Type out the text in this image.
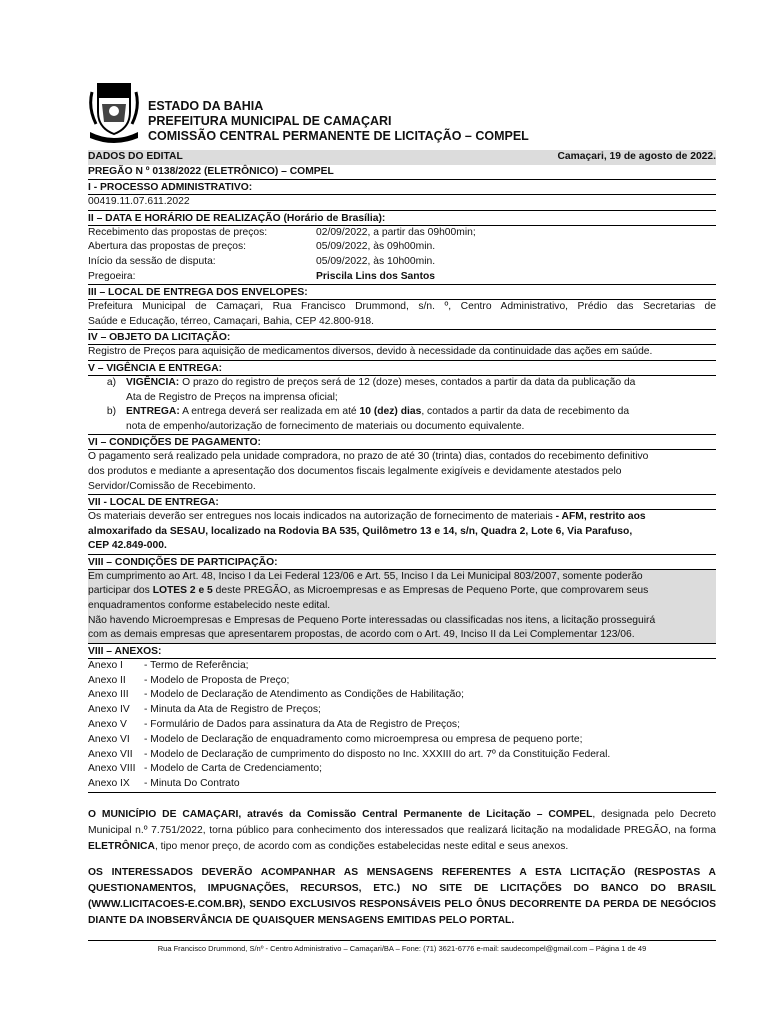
ESTADO DA BAHIA
PREFEITURA MUNICIPAL DE CAMAÇARI
COMISSÃO CENTRAL PERMANENTE DE LICITAÇÃO – COMPEL
DADOS DO EDITAL	Camaçari, 19 de agosto de 2022.
PREGÃO N º 0138/2022 (ELETRÔNICO) – COMPEL
I - PROCESSO ADMINISTRATIVO:
00419.11.07.611.2022
II – DATA E HORÁRIO DE REALIZAÇÃO (Horário de Brasília):
Recebimento das propostas de preços:	02/09/2022, a partir das 09h00min;
Abertura das propostas de preços:	05/09/2022, às 09h00min.
Início da sessão de disputa:	05/09/2022, às 10h00min.
Pregoeira:	Priscila Lins dos Santos
III – LOCAL DE ENTREGA DOS ENVELOPES:
Prefeitura Municipal de Camaçari, Rua Francisco Drummond, s/n. º, Centro Administrativo, Prédio das Secretarias de
Saúde e Educação, térreo, Camaçari, Bahia, CEP 42.800-918.
IV – OBJETO DA LICITAÇÃO:
Registro de Preços para aquisição de medicamentos diversos, devido à necessidade da continuidade das ações em saúde.
V – VIGÊNCIA E ENTREGA:
a) VIGÊNCIA: O prazo do registro de preços será de 12 (doze) meses, contados a partir da data da publicação da
Ata de Registro de Preços na imprensa oficial;
b) ENTREGA: A entrega deverá ser realizada em até 10 (dez) dias, contados a partir da data de recebimento da
nota de empenho/autorização de fornecimento de materiais ou documento equivalente.
VI – CONDIÇÕES DE PAGAMENTO:
O pagamento será realizado pela unidade compradora, no prazo de até 30 (trinta) dias, contados do recebimento definitivo
dos produtos e mediante a apresentação dos documentos fiscais legalmente exigíveis e devidamente atestados pelo
Servidor/Comissão de Recebimento.
VII - LOCAL DE ENTREGA:
Os materiais deverão ser entregues nos locais indicados na autorização de fornecimento de materiais - AFM, restrito aos
almoxarifado da SESAU, localizado na Rodovia BA 535, Quilômetro 13 e 14, s/n, Quadra 2, Lote 6, Via Parafuso,
CEP 42.849-000.
VIII – CONDIÇÕES DE PARTICIPAÇÃO:
Em cumprimento ao Art. 48, Inciso I da Lei Federal 123/06 e Art. 55, Inciso I da Lei Municipal 803/2007, somente poderão
participar dos LOTES 2 e 5 deste PREGÃO, as Microempresas e as Empresas de Pequeno Porte, que comprovarem seus
enquadramentos conforme estabelecido neste edital.
Não havendo Microempresas e Empresas de Pequeno Porte interessadas ou classificadas nos itens, a licitação prosseguirá
com as demais empresas que apresentarem propostas, de acordo com o Art. 49, Inciso II da Lei Complementar 123/06.
VIII – ANEXOS:
Anexo I	- Termo de Referência;
Anexo II	- Modelo de Proposta de Preço;
Anexo III	- Modelo de Declaração de Atendimento as Condições de Habilitação;
Anexo IV	- Minuta da Ata de Registro de Preços;
Anexo V	- Formulário de Dados para assinatura da Ata de Registro de Preços;
Anexo VI	- Modelo de Declaração de enquadramento como microempresa ou empresa de pequeno porte;
Anexo VII	- Modelo de Declaração de cumprimento do disposto no Inc. XXXIII do art. 7º da Constituição Federal.
Anexo VIII - Modelo de Carta de Credenciamento;
Anexo IX	- Minuta Do Contrato
O MUNICÍPIO DE CAMAÇARI, através da Comissão Central Permanente de Licitação – COMPEL, designada pelo Decreto Municipal n.º 7.751/2022, torna público para conhecimento dos interessados que realizará licitação na modalidade PREGÃO, na forma ELETRÔNICA, tipo menor preço, de acordo com as condições estabelecidas neste edital e seus anexos.
OS INTERESSADOS DEVERÃO ACOMPANHAR AS MENSAGENS REFERENTES A ESTA LICITAÇÃO (RESPOSTAS A QUESTIONAMENTOS, IMPUGNAÇÕES, RECURSOS, ETC.) NO SITE DE LICITAÇÕES DO BANCO DO BRASIL (WWW.LICITACOES-E.COM.BR), SENDO EXCLUSIVOS RESPONSÁVEIS PELO ÔNUS DECORRENTE DA PERDA DE NEGÓCIOS DIANTE DA INOBSERVÂNCIA DE QUAISQUER MENSAGENS EMITIDAS PELO PORTAL.
Rua Francisco Drummond, S/nº - Centro Administrativo – Camaçari/BA – Fone: (71) 3621-6776 e-mail: saudecompel@gmail.com – Página 1 de 49
